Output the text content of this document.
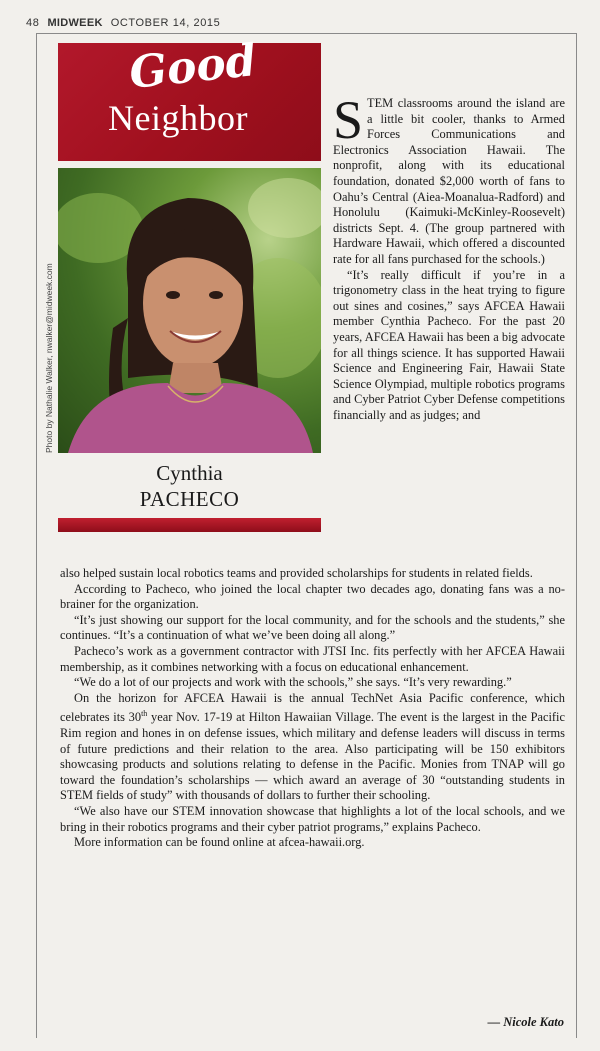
48 MIDWEEK OCTOBER 14, 2015
Good
Neighbor
Photo by Nathalie Walker, nwalker@midweek.com
Cynthia
PACHECO

STEM classrooms around the island are a little bit cooler, thanks to Armed Forces Communications and Electronics Association Hawaii. The nonprofit, along with its educational foundation, donated $2,000 worth of fans to Oahu’s Central (Aiea-Moanalua-Radford) and Honolulu (Kaimuki-McKinley-Roosevelt) districts Sept. 4. (The group partnered with Hardware Hawaii, which offered a discounted rate for all fans purchased for the schools.)

“It’s really difficult if you’re in a trigonometry class in the heat trying to figure out sines and cosines,” says AFCEA Hawaii member Cynthia Pacheco. For the past 20 years, AFCEA Hawaii has been a big advocate for all things science. It has supported Hawaii Science and Engineering Fair, Hawaii State Science Olympiad, multiple robotics programs and Cyber Patriot Cyber Defense competitions financially and as judges; and

also helped sustain local robotics teams and provided scholarships for students in related fields.

According to Pacheco, who joined the local chapter two decades ago, donating fans was a no-brainer for the organization.

“It’s just showing our support for the local community, and for the schools and the students,” she continues. “It’s a continuation of what we’ve been doing all along.”

Pacheco’s work as a government contractor with JTSI Inc. fits perfectly with her AFCEA Hawaii membership, as it combines networking with a focus on educational enhancement.

“We do a lot of our projects and work with the schools,” she says. “It’s very rewarding.”

On the horizon for AFCEA Hawaii is the annual TechNet Asia Pacific conference, which celebrates its 30th year Nov. 17-19 at Hilton Hawaiian Village. The event is the largest in the Pacific Rim region and hones in on defense issues, which military and defense leaders will discuss in terms of future predictions and their relation to the area. Also participating will be 150 exhibitors showcasing products and solutions relating to defense in the Pacific. Monies from TNAP will go toward the foundation’s scholarships — which award an average of 30 “outstanding students in STEM fields of study” with thousands of dollars to further their schooling.

“We also have our STEM innovation showcase that highlights a lot of the local schools, and we bring in their robotics programs and their cyber patriot programs,” explains Pacheco.

More information can be found online at afcea-hawaii.org.

— Nicole Kato
